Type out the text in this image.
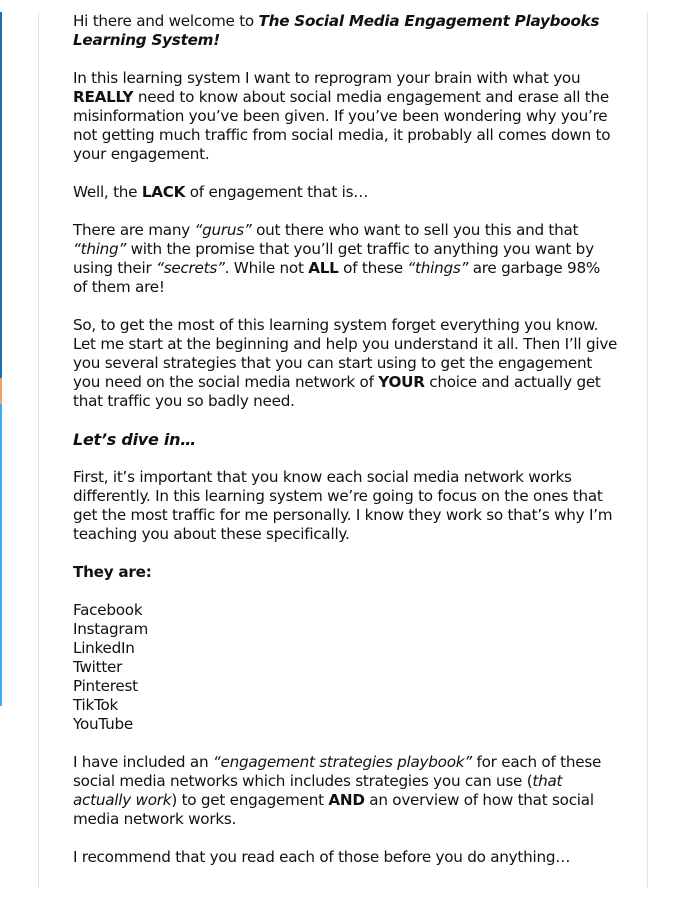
Hi there and welcome to The Social Media Engagement Playbooks Learning System!

In this learning system I want to reprogram your brain with what you REALLY need to know about social media engagement and erase all the misinformation you’ve been given. If you’ve been wondering why you’re not getting much traffic from social media, it probably all comes down to your engagement.

Well, the LACK of engagement that is…

There are many “gurus” out there who want to sell you this and that “thing” with the promise that you’ll get traffic to anything you want by using their “secrets”. While not ALL of these “things” are garbage 98% of them are!

So, to get the most of this learning system forget everything you know. Let me start at the beginning and help you understand it all. Then I’ll give you several strategies that you can start using to get the engagement you need on the social media network of YOUR choice and actually get that traffic you so badly need.

Let’s dive in…

First, it’s important that you know each social media network works differently. In this learning system we’re going to focus on the ones that get the most traffic for me personally. I know they work so that’s why I’m teaching you about these specifically.

They are:

Facebook
Instagram
LinkedIn
Twitter
Pinterest
TikTok
YouTube

I have included an “engagement strategies playbook” for each of these social media networks which includes strategies you can use (that actually work) to get engagement AND an overview of how that social media network works.

I recommend that you read each of those before you do anything…
